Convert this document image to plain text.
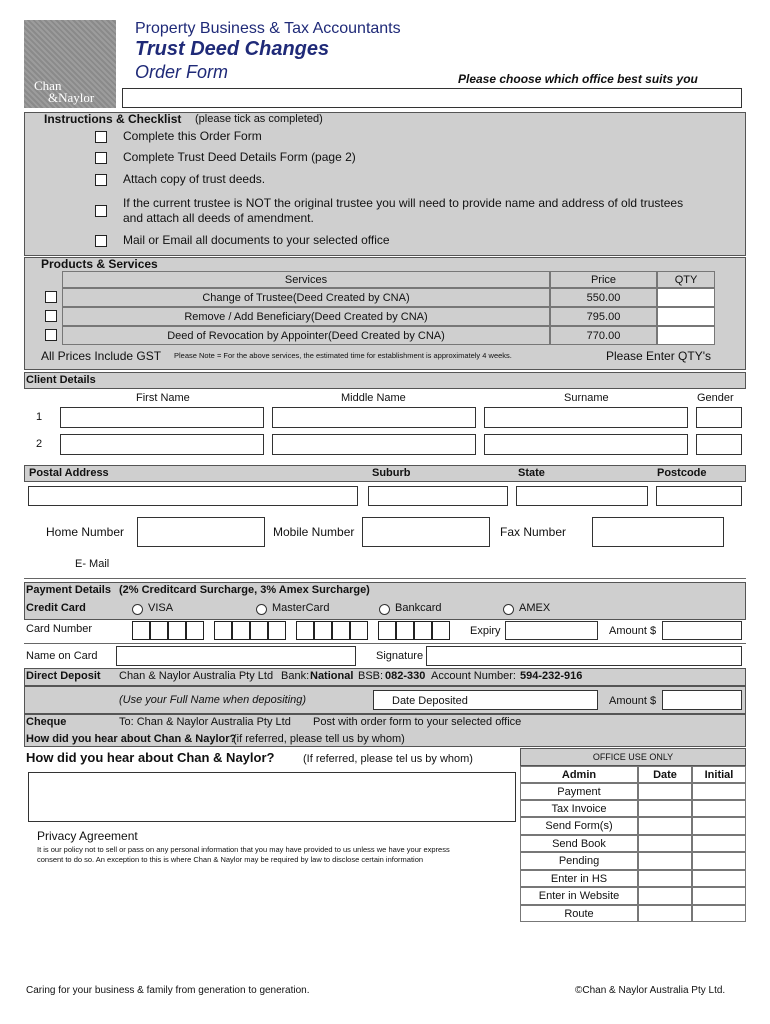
Chan
&Naylor
Property Business & Tax Accountants
Trust Deed Changes
Order Form	Please choose which office best suits you
Instructions & Checklist (please tick as completed)
Complete this Order Form
Complete Trust Deed Details Form (page 2)
Attach copy of trust deeds.
If the current trustee is NOT the original trustee you will need to provide name and address of old trustees
and attach all deeds of amendment.
Mail or Email all documents to your selected office
Products & Services
Services	Price	QTY
Change of Trustee(Deed Created by CNA)	550.00
Remove / Add Beneficiary(Deed Created by CNA)	795.00
Deed of Revocation by Appointer(Deed Created by CNA)	770.00
All Prices Include GST Please Note = For the above services, the estimated time for establishment is approximately 4 weeks.	Please Enter QTY's
Client Details
First Name	Middle Name	Surname	Gender
1
2
Postal Address	Suburb	State	Postcode
Home Number	Mobile Number	Fax Number
E- Mail
Payment Details (2% Creditcard Surcharge, 3% Amex Surcharge)
Credit Card	VISA	MasterCard	Bankcard	AMEX
Card Number	Expiry	Amount $
Name on Card	Signature
Direct Deposit Chan & Naylor Australia Pty Ltd Bank: National BSB: 082-330 Account Number: 594-232-916
(Use your Full Name when depositing)	Date Deposited	Amount $
Cheque	To: Chan & Naylor Australia Pty Ltd Post with order form to your selected office
How did you hear about Chan & Naylor?
(if referred, please tell us by whom)
How did you hear about Chan & Naylor?	(If referred, please tel us by whom)
Privacy Agreement
It is our policy not to sell or pass on any personal information that you may have provided to us unless we have your express
consent to do so. An exception to this is where Chan & Naylor may be required by law to disclose certain information
OFFICE USE ONLY
Admin	Date	Initial
Payment
Tax Invoice
Send Form(s)
Send Book
Pending
Enter in HS
Enter in Website
Route
Caring for your business & family from generation to generation.	©Chan & Naylor Australia Pty Ltd.
